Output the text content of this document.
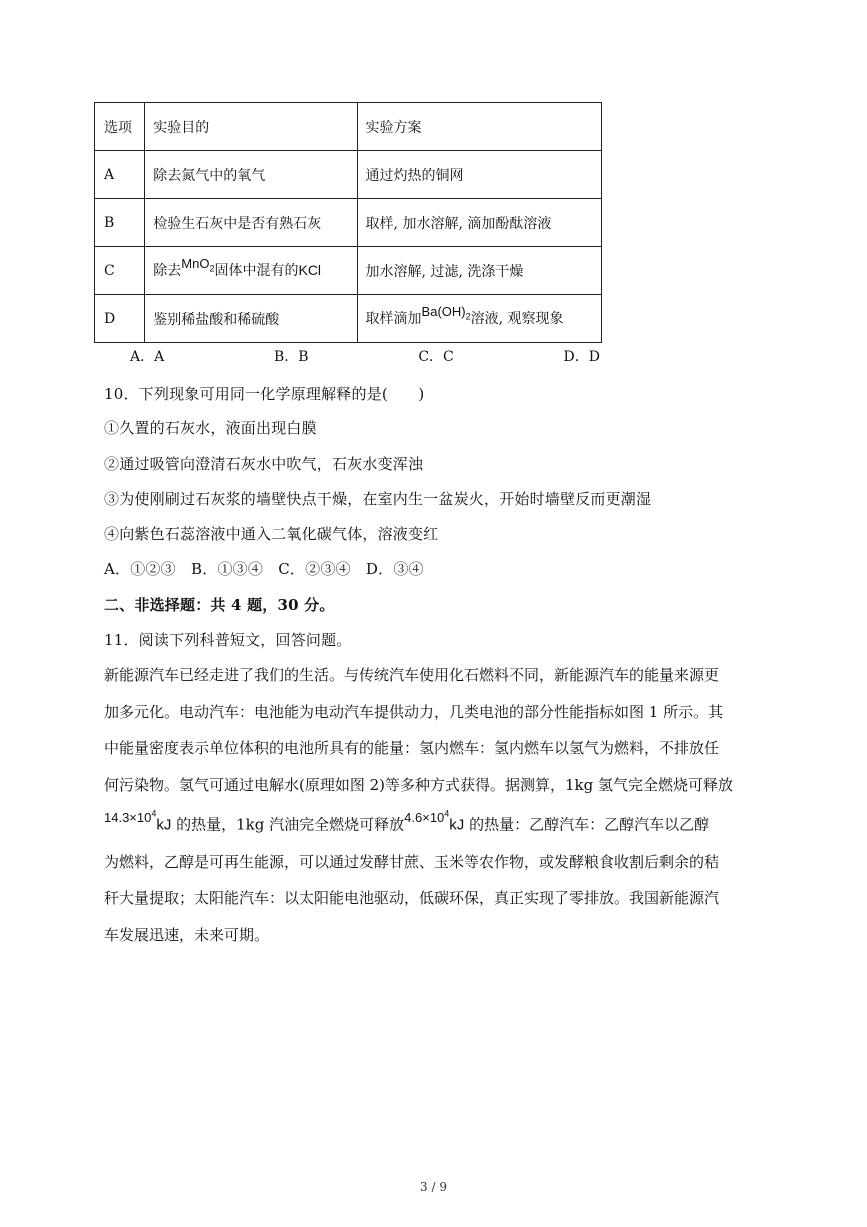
选项	实验目的	实验方案
A	除去氮气中的氧气	通过灼热的铜网
B	检验生石灰中是否有熟石灰	取样, 加水溶解, 滴加酚酞溶液
C	除去MnO$_2$固体中混有的KCl	加水溶解, 过滤, 洗涤干燥
D	鉴别稀盐酸和稀硫酸	取样滴加$Ba(OH)_2$溶液, 观察现象
A．A	B．B	C．C	D．D
10．下列现象可用同一化学原理解释的是(　　)
①久置的石灰水，液面出现白膜
②通过吸管向澄清石灰水中吹气，石灰水变浑浊
③为使刚刷过石灰浆的墙壁快点干燥，在室内生一盆炭火，开始时墙壁反而更潮湿
④向紫色石蕊溶液中通入二氧化碳气体，溶液变红
A．①②③　B．①③④　C．②③④　D．③④
二、非选择题：共 4 题，30 分。
11．阅读下列科普短文，回答问题。
新能源汽车已经走进了我们的生活。与传统汽车使用化石燃料不同，新能源汽车的能量来源更
加多元化。电动汽车：电池能为电动汽车提供动力，几类电池的部分性能指标如图 1 所示。其
中能量密度表示单位体积的电池所具有的能量：氢内燃车：氢内燃车以氢气为燃料，不排放任
何污染物。氢气可通过电解水(原理如图 2)等多种方式获得。据测算，1kg 氢气完全燃烧可释放
$14.3\times 10^4kJ$ 的热量，1kg 汽油完全燃烧可释放$4.6\times 10^4kJ$ 的热量：乙醇汽车：乙醇汽车以乙醇
为燃料，乙醇是可再生能源，可以通过发酵甘蔗、玉米等农作物，或发酵粮食收割后剩余的秸
秆大量提取；太阳能汽车：以太阳能电池驱动，低碳环保，真正实现了零排放。我国新能源汽
车发展迅速，未来可期。
3 / 9
